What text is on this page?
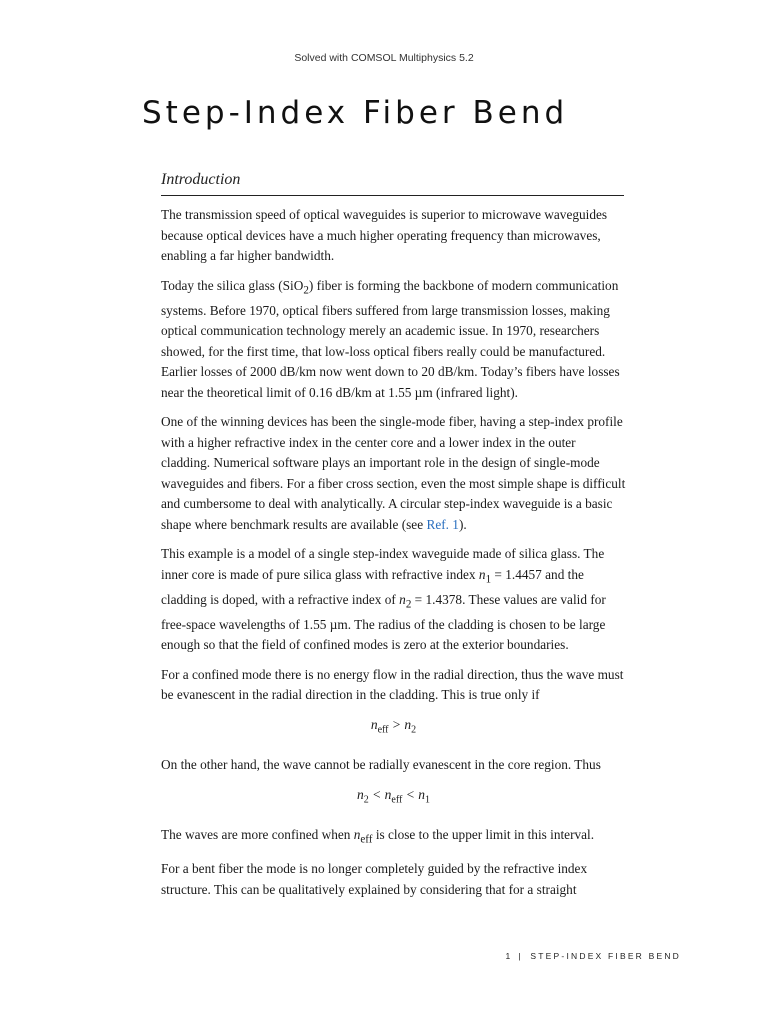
Solved with COMSOL Multiphysics 5.2
Step-Index Fiber Bend
Introduction

The transmission speed of optical waveguides is superior to microwave waveguides because optical devices have a much higher operating frequency than microwaves, enabling a far higher bandwidth.

Today the silica glass (SiO$_2$) fiber is forming the backbone of modern communication systems. Before 1970, optical fibers suffered from large transmission losses, making optical communication technology merely an academic issue. In 1970, researchers showed, for the first time, that low-loss optical fibers really could be manufactured. Earlier losses of 2000 dB/km now went down to 20 dB/km. Today’s fibers have losses near the theoretical limit of 0.16 dB/km at 1.55 µm (infrared light).

One of the winning devices has been the single-mode fiber, having a step-index profile with a higher refractive index in the center core and a lower index in the outer cladding. Numerical software plays an important role in the design of single-mode waveguides and fibers. For a fiber cross section, even the most simple shape is difficult and cumbersome to deal with analytically. A circular step-index waveguide is a basic shape where benchmark results are available (see Ref. 1).

This example is a model of a single step-index waveguide made of silica glass. The inner core is made of pure silica glass with refractive index $n_1 = 1.4457$ and the cladding is doped, with a refractive index of $n_2 = 1.4378$. These values are valid for free-space wavelengths of 1.55 µm. The radius of the cladding is chosen to be large enough so that the field of confined modes is zero at the exterior boundaries.

For a confined mode there is no energy flow in the radial direction, thus the wave must be evanescent in the radial direction in the cladding. This is true only if

$n_{eff} > n_2$

On the other hand, the wave cannot be radially evanescent in the core region. Thus

$n_2 < n_{eff} < n_1$

The waves are more confined when $n_{eff}$ is close to the upper limit in this interval.

For a bent fiber the mode is no longer completely guided by the refractive index structure. This can be qualitatively explained by considering that for a straight

1 | STEP-INDEX FIBER BEND
